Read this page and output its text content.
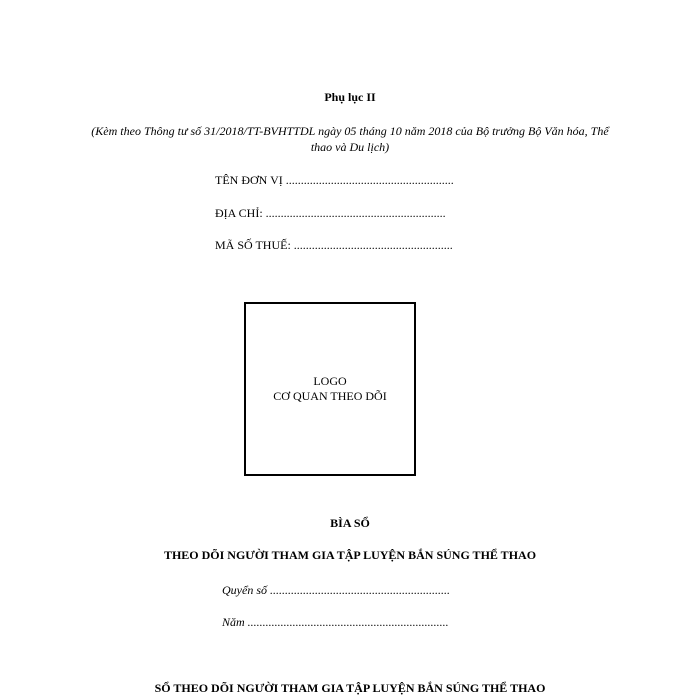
Phụ lục II
(Kèm theo Thông tư số 31/2018/TT-BVHTTDL ngày 05 tháng 10 năm 2018 của Bộ trưởng Bộ Văn hóa, Thể thao và Du lịch)
TÊN ĐƠN VỊ ........................................................
ĐỊA CHỈ: ............................................................
MÃ SỐ THUẾ: .....................................................
LOGO
CƠ QUAN THEO DÕI
BÌA SỔ
THEO DÕI NGƯỜI THAM GIA TẬP LUYỆN BẮN SÚNG THỂ THAO
Quyển số ............................................................
Năm ...................................................................
SỔ THEO DÕI NGƯỜI THAM GIA TẬP LUYỆN BẮN SÚNG THỂ THAO
